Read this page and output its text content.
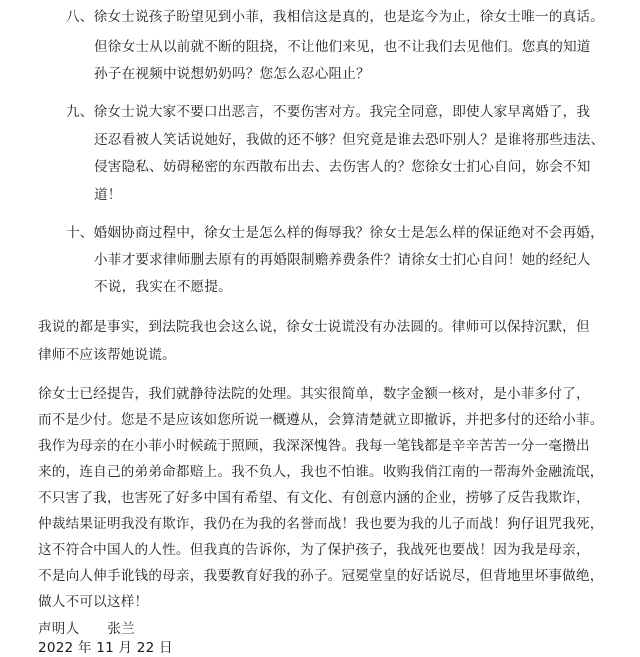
八、徐女士说孩子盼望见到小菲，我相信这是真的，也是迄今为止，徐女士唯一的真话。
但徐女士从以前就不断的阻挠，不让他们来见，也不让我们去见他们。您真的知道
孙子在视频中说想奶奶吗？您怎么忍心阻止？
九、徐女士说大家不要口出恶言，不要伤害对方。我完全同意，即使人家早离婚了，我
还忍看被人笑话说她好，我做的还不够？但究竟是谁去恐吓别人？是谁将那些违法、
侵害隐私、妨碍秘密的东西散布出去、去伤害人的？您徐女士扪心自问，妳会不知
道！
十、婚姻协商过程中，徐女士是怎么样的侮辱我？徐女士是怎么样的保证绝对不会再婚，
小菲才要求律师删去原有的再婚限制赡养费条件？请徐女士扪心自问！她的经纪人
不说，我实在不愿提。
我说的都是事实，到法院我也会这么说，徐女士说谎没有办法圆的。律师可以保持沉默，但
律师不应该帮她说谎。
徐女士已经提告，我们就静待法院的处理。其实很简单，数字金额一核对，是小菲多付了，
而不是少付。您是不是应该如您所说一概遵从，会算清楚就立即撤诉，并把多付的还给小菲。
我作为母亲的在小菲小时候疏于照顾，我深深愧咎。我每一笔钱都是辛辛苦苦一分一毫攒出
来的，连自己的弟弟命都赔上。我不负人，我也不怕谁。收购我俏江南的一帮海外金融流氓，
不只害了我，也害死了好多中国有希望、有文化、有创意内涵的企业，捞够了反告我欺诈，
仲裁结果证明我没有欺诈，我仍在为我的名誉而战！我也要为我的儿子而战！狗仔诅咒我死，
这不符合中国人的人性。但我真的告诉你，为了保护孩子，我战死也要战！因为我是母亲，
不是向人伸手讹钱的母亲，我要教育好我的孙子。冠冕堂皇的好话说尽，但背地里坏事做绝，
做人不可以这样！
声明人 张兰
2022 年 11 月 22 日
